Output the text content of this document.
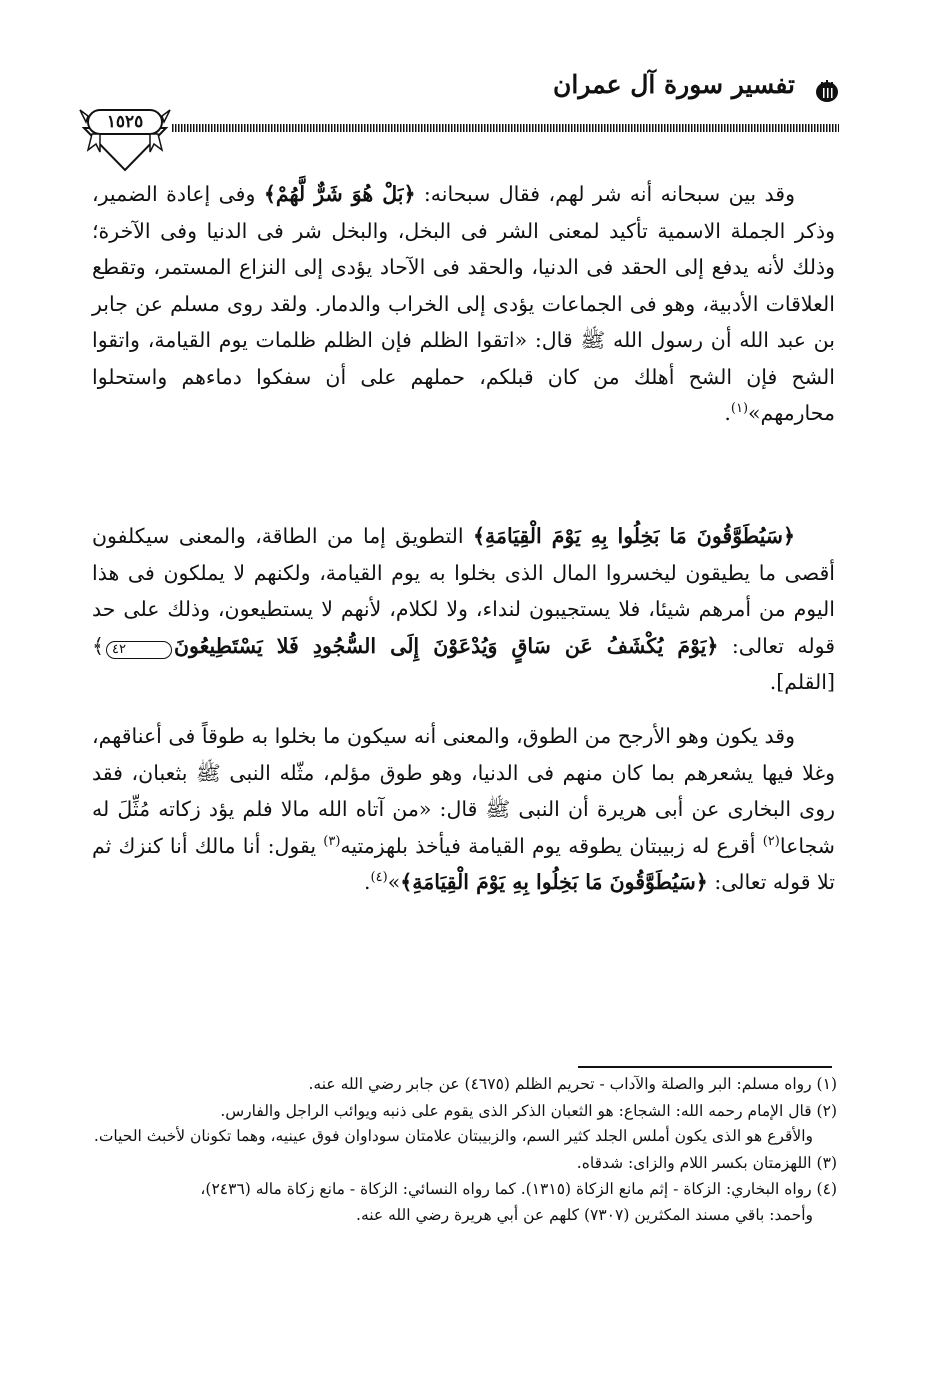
تفسير سورة آل عمران
١٥٢٥
وقد بين سبحانه أنه شر لهم، فقال سبحانه: ﴿بَلْ هُوَ شَرٌّ لَّهُمْ﴾ وفى إعادة الضمير، وذكر الجملة الاسمية تأكيد لمعنى الشر فى البخل، والبخل شر فى الدنيا وفى الآخرة؛ وذلك لأنه يدفع إلى الحقد فى الدنيا، والحقد فى الآحاد يؤدى إلى النزاع المستمر، وتقطع العلاقات الأدبية، وهو فى الجماعات يؤدى إلى الخراب والدمار. ولقد روى مسلم عن جابر بن عبد الله أن رسول الله ﷺ قال: «اتقوا الظلم فإن الظلم ظلمات يوم القيامة، واتقوا الشح فإن الشح أهلك من كان قبلكم، حملهم على أن سفكوا دماءهم واستحلوا محارمهم»$^{(١)}$.
﴿سَيُطَوَّقُونَ مَا بَخِلُوا بِهِ يَوْمَ الْقِيَامَةِ﴾ التطويق إما من الطاقة، والمعنى سيكلفون أقصى ما يطيقون ليخسروا المال الذى بخلوا به يوم القيامة، ولكنهم لا يملكون فى هذا اليوم من أمرهم شيئا، فلا يستجيبون لنداء، ولا لكلام، لأنهم لا يستطيعون، وذلك على حد قوله تعالى: ﴿يَوْمَ يُكْشَفُ عَن سَاقٍ وَيُدْعَوْنَ إِلَى السُّجُودِ فَلا يَسْتَطِيعُونَ٤٢﴾ [القلم].
وقد يكون وهو الأرجح من الطوق، والمعنى أنه سيكون ما بخلوا به طوقاً فى أعناقهم، وغلا فيها يشعرهم بما كان منهم فى الدنيا، وهو طوق مؤلم، مثّله النبى ﷺ بثعبان، فقد روى البخارى عن أبى هريرة أن النبى ﷺ قال: «من آتاه الله مالا فلم يؤد زكاته مُثِّلَ له شجاعا$^{(٢)}$ أقرع له زبيبتان يطوقه يوم القيامة فيأخذ بلهزمتيه$^{(٣)}$ يقول: أنا مالك أنا كنزك ثم تلا قوله تعالى: ﴿سَيُطَوَّقُونَ مَا بَخِلُوا بِهِ يَوْمَ الْقِيَامَةِ﴾»$^{(٤)}$.
(١) رواه مسلم: البر والصلة والآداب - تحريم الظلم (٤٦٧٥) عن جابر رضي الله عنه.
(٢) قال الإمام رحمه الله: الشجاع: هو الثعبان الذكر الذى يقوم على ذنبه ويوائب الراجل والفارس.
والأقرع هو الذى يكون أملس الجلد كثير السم، والزبيبتان علامتان سوداوان فوق عينيه، وهما تكونان لأخبث الحيات.
(٣) اللهزمتان بكسر اللام والزاى: شدقاه.
(٤) رواه البخاري: الزكاة - إثم مانع الزكاة (١٣١٥). كما رواه النسائي: الزكاة - مانع زكاة ماله (٢٤٣٦)،
وأحمد: باقي مسند المكثرين (٧٣٠٧) كلهم عن أبي هريرة رضي الله عنه.
